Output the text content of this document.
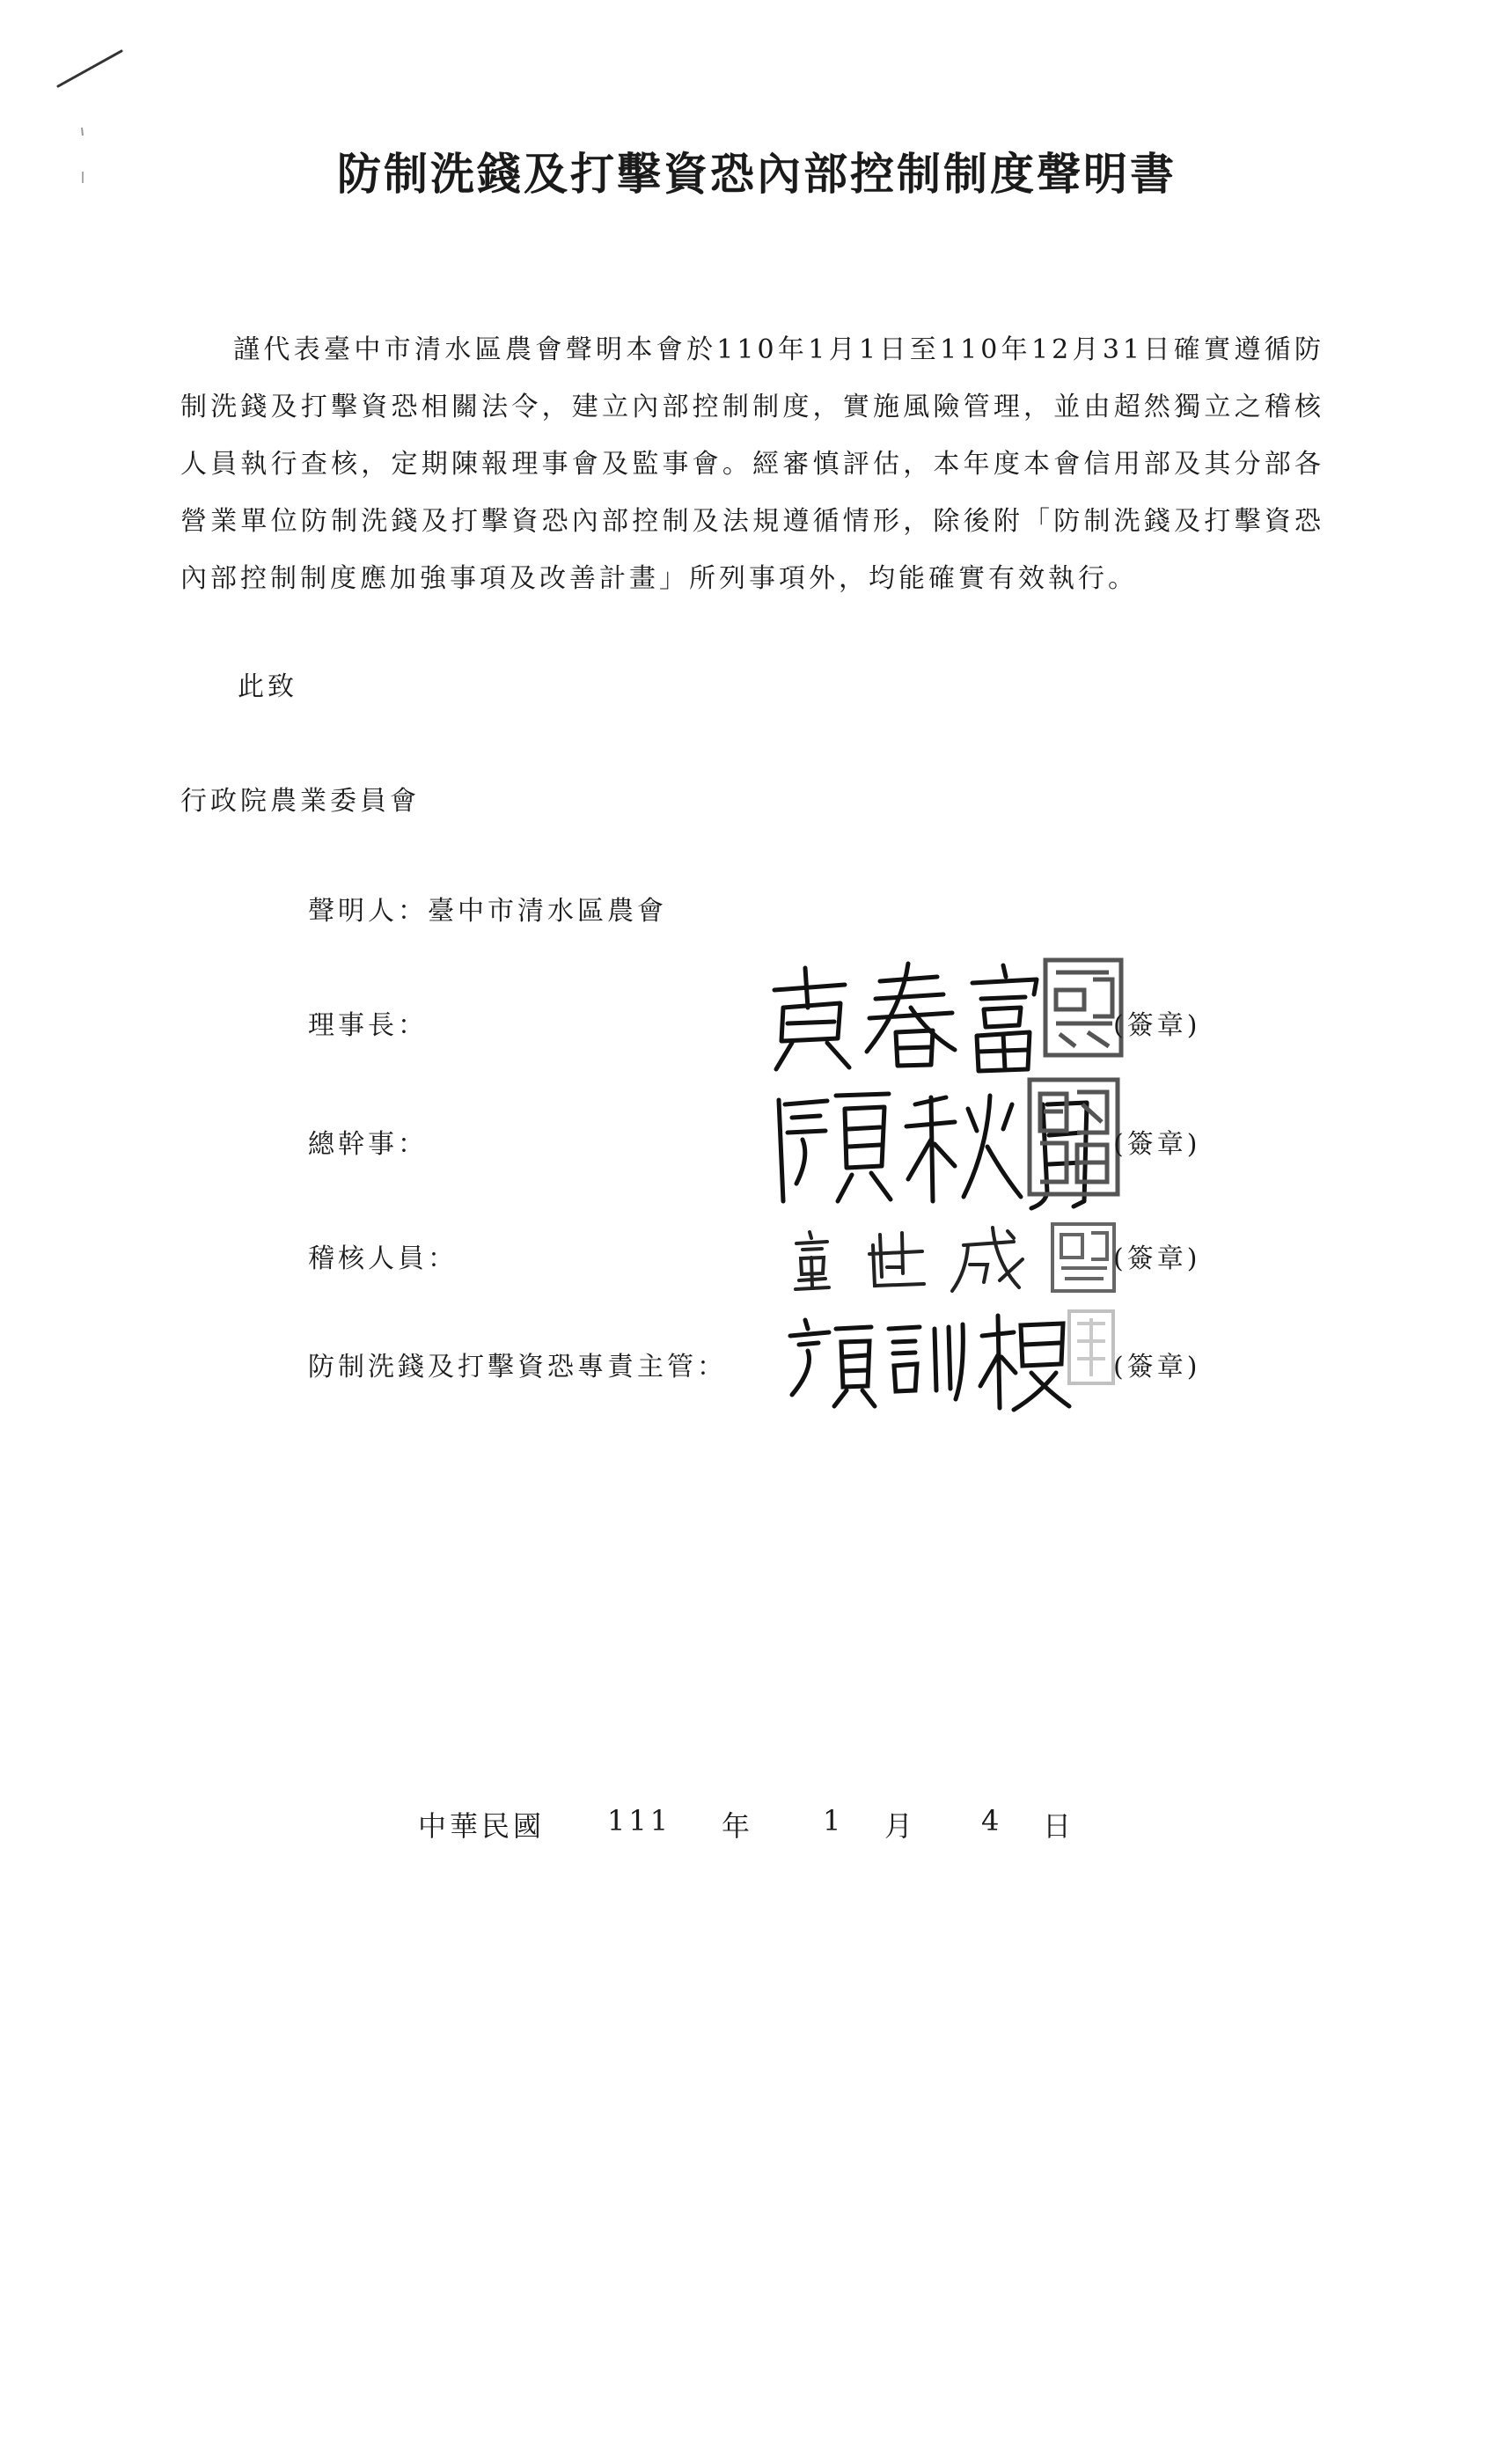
防制洗錢及打擊資恐內部控制制度聲明書

謹代表臺中市清水區農會聲明本會於110年1月1日至110年12月31日確實遵循防制洗錢及打擊資恐相關法令，建立內部控制制度，實施風險管理，並由超然獨立之稽核人員執行查核，定期陳報理事會及監事會。經審慎評估，本年度本會信用部及其分部各營業單位防制洗錢及打擊資恐內部控制及法規遵循情形，除後附「防制洗錢及打擊資恐內部控制制度應加強事項及改善計畫」所列事項外，均能確實有效執行。

此致
行政院農業委員會
聲明人：臺中市清水區農會
理事長：	(簽章)
總幹事：	(簽章)
稽核人員：	(簽章)
防制洗錢及打擊資恐專責主管：	(簽章)
中華民國 111 年 1 月 4 日
